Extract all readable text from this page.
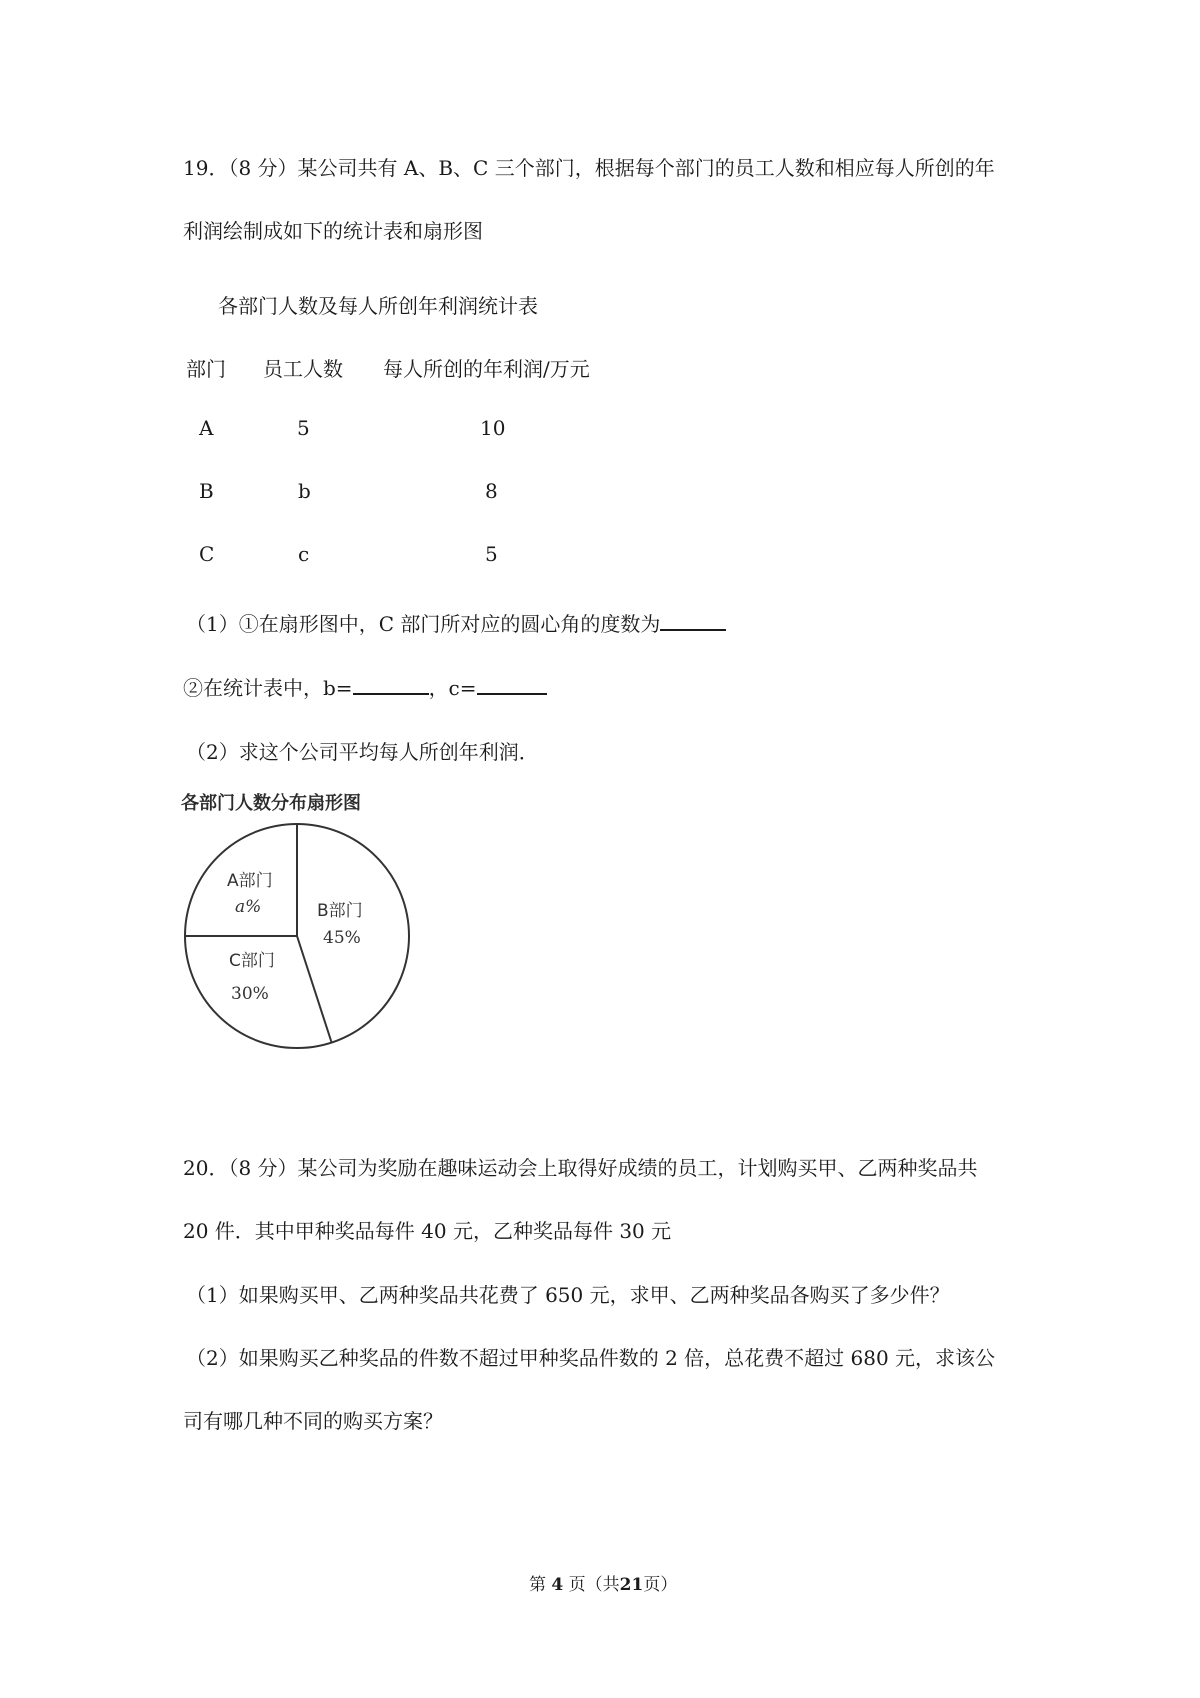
19．（8 分）某公司共有 A、B、C 三个部门，根据每个部门的员工人数和相应每人所创的年
利润绘制成如下的统计表和扇形图
各部门人数及每人所创年利润统计表
部门 员工人数 每人所创的年利润/万元
A	5	10
B	b	8
C	c	5
（1）①在扇形图中，C 部门所对应的圆心角的度数为
②在统计表中，b=	，c=
（2）求这个公司平均每人所创年利润．
各部门人数分布扇形图
A部门
a%	B部门
45%
C部门
30%
20．（8 分）某公司为奖励在趣味运动会上取得好成绩的员工，计划购买甲、乙两种奖品共
20 件．其中甲种奖品每件 40 元，乙种奖品每件 30 元
（1）如果购买甲、乙两种奖品共花费了 650 元，求甲、乙两种奖品各购买了多少件？
（2）如果购买乙种奖品的件数不超过甲种奖品件数的 2 倍，总花费不超过 680 元，求该公
司有哪几种不同的购买方案？
第 4 页（共21页）
